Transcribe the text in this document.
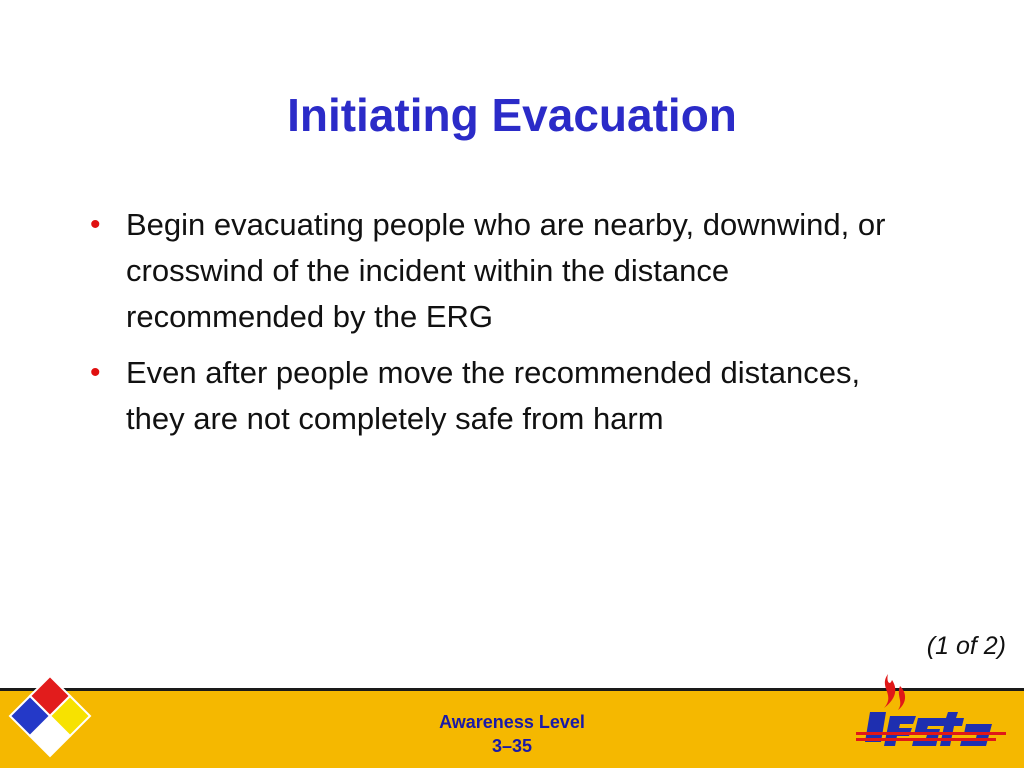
Initiating Evacuation
• Begin evacuating people who are nearby, downwind, or crosswind of the incident within the distance recommended by the ERG
• Even after people move the recommended distances, they are not completely safe from harm
(1 of 2)
Awareness Level
3–35
